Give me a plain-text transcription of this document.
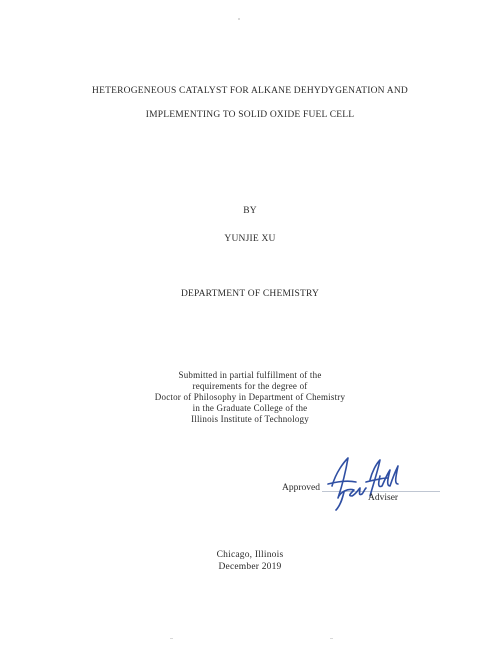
HETEROGENEOUS CATALYST FOR ALKANE DEHYDYGENATION AND
IMPLEMENTING TO SOLID OXIDE FUEL CELL
BY
YUNJIE XU
DEPARTMENT OF CHEMISTRY
Submitted in partial fulfillment of the
requirements for the degree of
Doctor of Philosophy in Department of Chemistry
in the Graduate College of the
Illinois Institute of Technology
Approved
Adviser
Chicago, Illinois
December 2019
